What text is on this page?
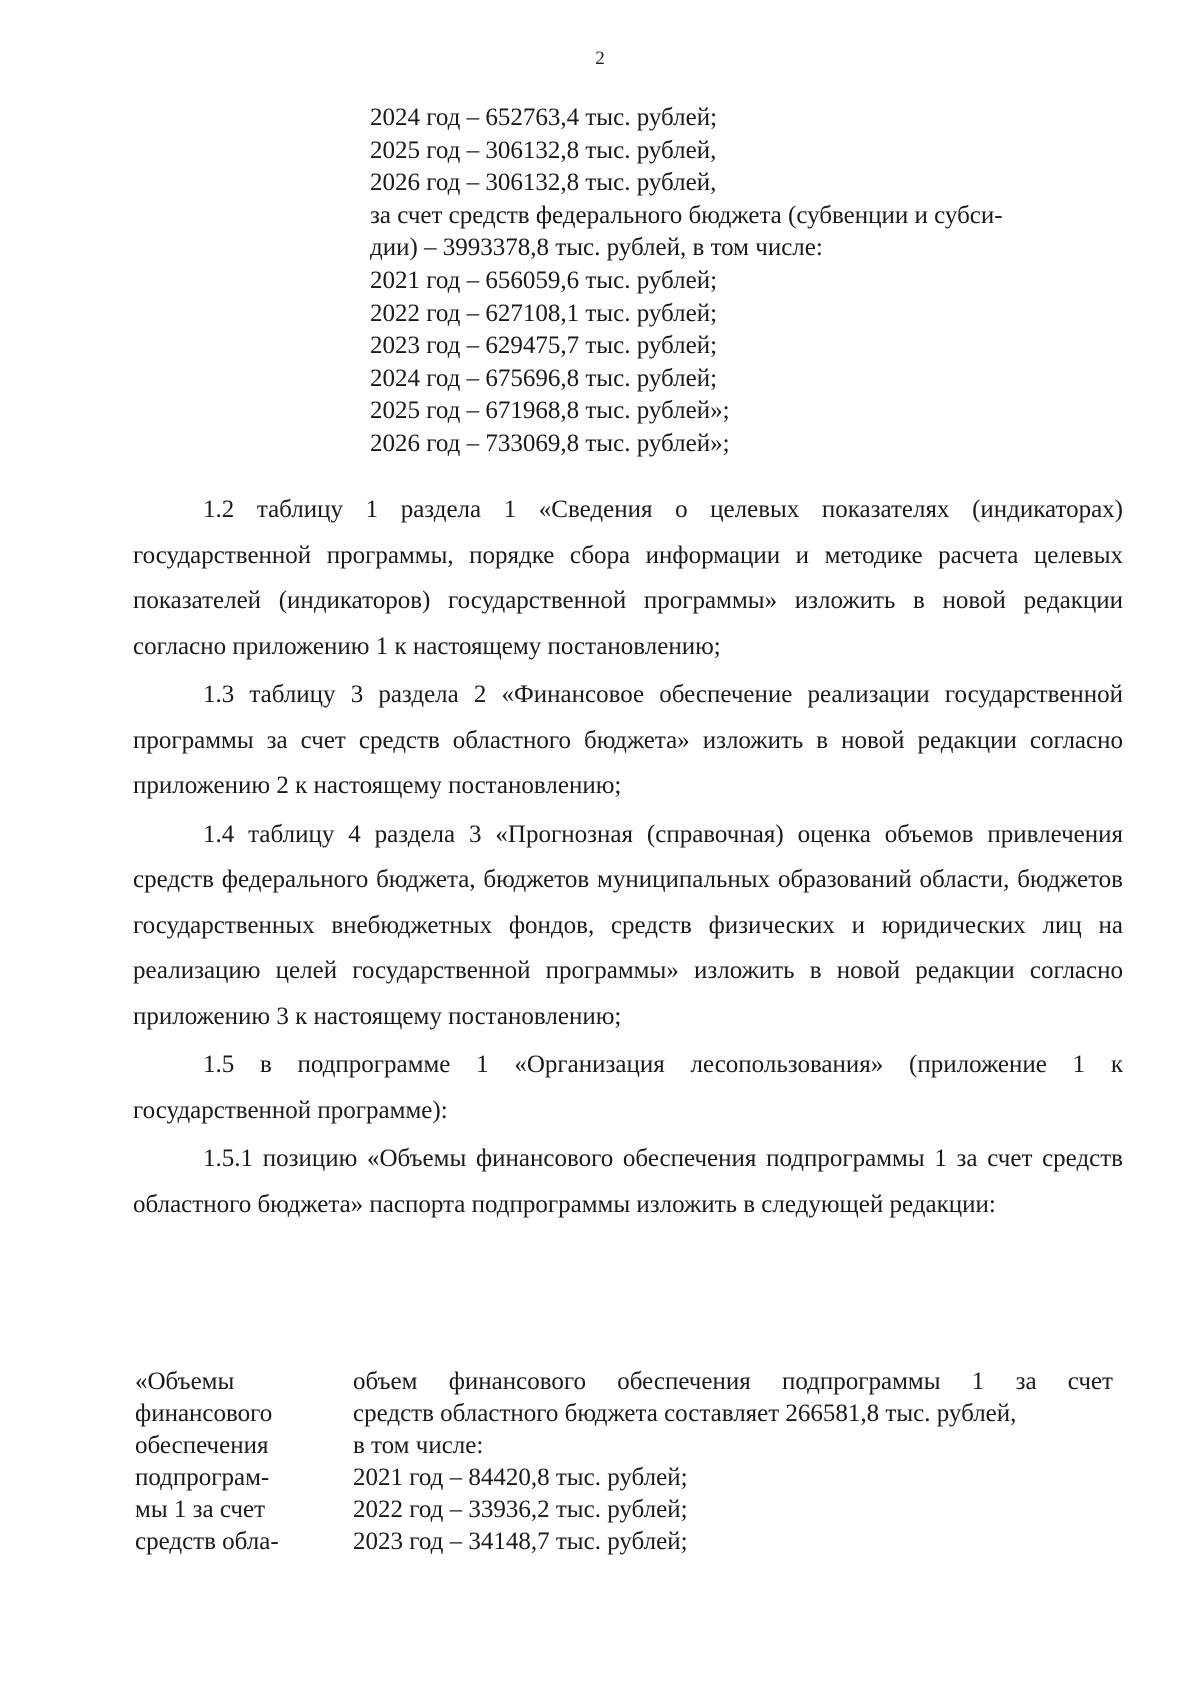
2
2024 год – 652763,4 тыс. рублей;
2025 год – 306132,8 тыс. рублей,
2026 год – 306132,8 тыс. рублей,
за счет средств федерального бюджета (субвенции и субси-
дии) – 3993378,8 тыс. рублей, в том числе:
2021 год – 656059,6 тыс. рублей;
2022 год – 627108,1 тыс. рублей;
2023 год – 629475,7 тыс. рублей;
2024 год – 675696,8 тыс. рублей;
2025 год – 671968,8 тыс. рублей»;
2026 год – 733069,8 тыс. рублей»;

1.2 таблицу 1 раздела 1 «Сведения о целевых показателях (индикаторах) государственной программы, порядке сбора информации и методике расчета целевых показателей (индикаторов) государственной программы» изложить в новой редакции согласно приложению 1 к настоящему постановлению;

1.3 таблицу 3 раздела 2 «Финансовое обеспечение реализации государственной программы за счет средств областного бюджета» изложить в новой редакции согласно приложению 2 к настоящему постановлению;

1.4 таблицу 4 раздела 3 «Прогнозная (справочная) оценка объемов привлечения средств федерального бюджета, бюджетов муниципальных образований области, бюджетов государственных внебюджетных фондов, средств физических и юридических лиц на реализацию целей государственной программы» изложить в новой редакции согласно приложению 3 к настоящему постановлению;

1.5 в подпрограмме 1 «Организация лесопользования» (приложение 1 к государственной программе):

1.5.1 позицию «Объемы финансового обеспечения подпрограммы 1 за счет средств областного бюджета» паспорта подпрограммы изложить в следующей редакции:

«Объемы
финансового
обеспечения
подпрограм-
мы 1 за счет
средств обла-
объем финансового обеспечения подпрограммы 1 за счет
средств областного бюджета составляет 266581,8 тыс. рублей,
в том числе:
2021 год – 84420,8 тыс. рублей;
2022 год – 33936,2 тыс. рублей;
2023 год – 34148,7 тыс. рублей;
